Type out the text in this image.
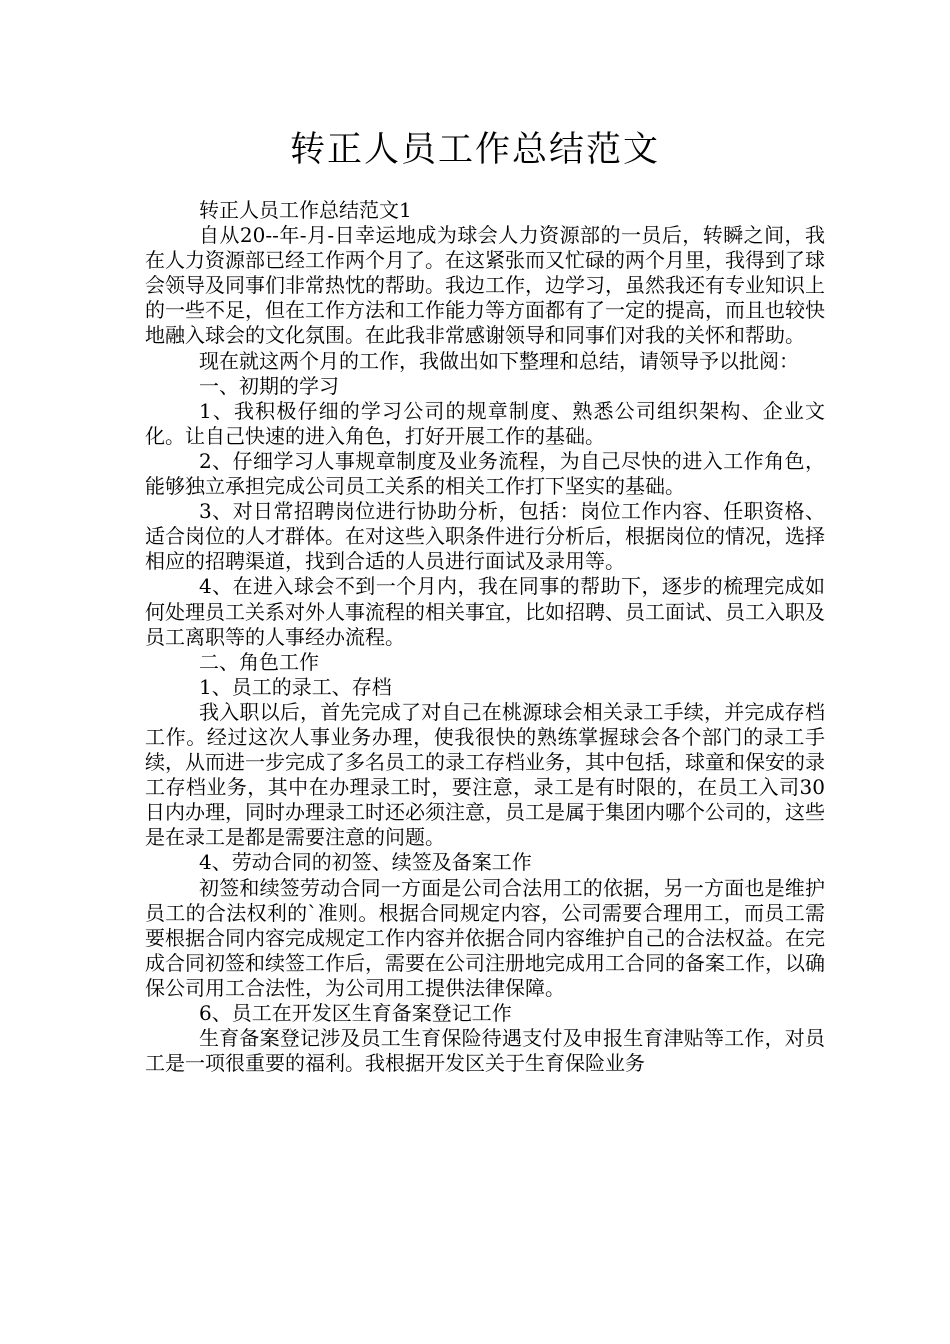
转正人员工作总结范文

转正人员工作总结范文1

自从20--年-月-日幸运地成为球会人力资源部的一员后，转瞬之间，我在人力资源部已经工作两个月了。在这紧张而又忙碌的两个月里，我得到了球会领导及同事们非常热忱的帮助。我边工作，边学习，虽然我还有专业知识上的一些不足，但在工作方法和工作能力等方面都有了一定的提高，而且也较快地融入球会的文化氛围。在此我非常感谢领导和同事们对我的关怀和帮助。

现在就这两个月的工作，我做出如下整理和总结，请领导予以批阅：

一、初期的学习

1、我积极仔细的学习公司的规章制度、熟悉公司组织架构、企业文化。让自己快速的进入角色，打好开展工作的基础。

2、仔细学习人事规章制度及业务流程，为自己尽快的进入工作角色，能够独立承担完成公司员工关系的相关工作打下坚实的基础。

3、对日常招聘岗位进行协助分析，包括：岗位工作内容、任职资格、适合岗位的人才群体。在对这些入职条件进行分析后，根据岗位的情况，选择相应的招聘渠道，找到合适的人员进行面试及录用等。

4、在进入球会不到一个月内，我在同事的帮助下，逐步的梳理完成如何处理员工关系对外人事流程的相关事宜，比如招聘、员工面试、员工入职及员工离职等的人事经办流程。

二、角色工作

1、员工的录工、存档

我入职以后，首先完成了对自己在桃源球会相关录工手续，并完成存档工作。经过这次人事业务办理，使我很快的熟练掌握球会各个部门的录工手续，从而进一步完成了多名员工的录工存档业务，其中包括，球童和保安的录工存档业务，其中在办理录工时，要注意，录工是有时限的，在员工入司30日内办理，同时办理录工时还必须注意，员工是属于集团内哪个公司的，这些是在录工是都是需要注意的问题。

4、劳动合同的初签、续签及备案工作

初签和续签劳动合同一方面是公司合法用工的依据，另一方面也是维护员工的合法权利的`准则。根据合同规定内容，公司需要合理用工，而员工需要根据合同内容完成规定工作内容并依据合同内容维护自己的合法权益。在完成合同初签和续签工作后，需要在公司注册地完成用工合同的备案工作，以确保公司用工合法性，为公司用工提供法律保障。

6、员工在开发区生育备案登记工作

生育备案登记涉及员工生育保险待遇支付及申报生育津贴等工作，对员工是一项很重要的福利。我根据开发区关于生育保险业务
